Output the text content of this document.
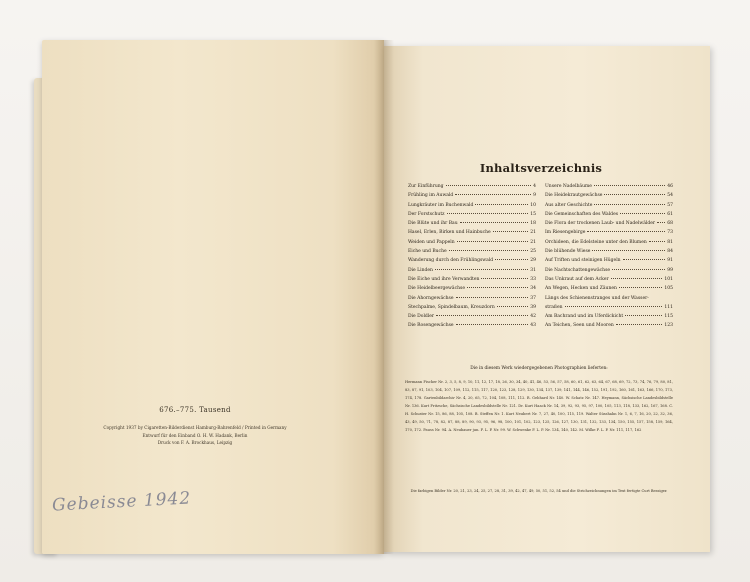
676.–775. Tausend
Copyright 1937 by Cigaretten-Bilderdienst Hamburg-Bahrenfeld / Printed in Germany
Entwurf für den Einband O. H. W. Hadank, Berlin
Druck von F. A. Brockhaus, Leipzig
Gebeisse 1942
Inhaltsverzeichnis
Zur Einführung	4
Frühling im Auwald	9
Lungkräuter im Buchenwald	10
Der Forstschutz	15
Die Blüte und ihr Bau	18
Hasel, Erlen, Birken und Hainbuche	21
Weiden und Pappeln	21
Eiche und Buche	25
Wanderung durch den Frühlingswald	29
Die Linden	31
Die Eiche und ihre Verwandten	33
Die Heidelbeergewächse	34
Die Ahorngewächse	37
Stechpalme, Spindelbaum, Kreuzdorn	39
Die Doldler	42
Die Rosengewächse	43
Unsere Nadelbäume	46
Die Heidekrautgewächse	54
Aus alter Geschichte	57
Die Gemeinschaften des Waldes	61
Die Flora der trockenen Laub- und Nadelwälder	68
Im Riesengebirge	73
Orchideen, die Edelsteine unter den Blumen	81
Die blühende Wiese	84
Auf Triften und steinigen Hügeln	91
Die Nachtschattengewächse	99
Das Unkraut auf dem Acker	101
An Wegen, Hecken und Zäunen	105
Längs des Schienenstranges und der Wasser-
straßen	111
Am Bachrand und im Uferdickicht	115
An Teichen, Seen und Mooren	123
Die in diesem Werk wiedergegebenen Photographien lieferten:
Hermann Fischer Nr. 2, 3, 5, 8, 9, 10, 11, 12, 17, 18, 26, 30, 34, 40, 41, 46, 53, 56, 57, 58, 60, 61, 62, 63, 64, 67, 68, 69, 72, 73, 74, 76, 79, 80, 81, 83, 87, 91, 103, 104, 107, 109, 112, 115, 117, 120, 123, 128, 129, 130, 134, 137, 139, 141, 144, 146, 152, 191, 192, 160, 161, 163, 166, 170, 173, 174, 178. Gartenbildarchiv Nr. 4, 20, 65, 72, 104, 108, 111, 112. R. Gebhard Nr. 140. W. Schatz Nr. 147. Heymann, Sächsische Landesbildstelle Nr. 136. Kurt Fritzsche, Sächsische Landesbildstelle Nr. 121. Dr. Kurt Haack Nr. 14, 39, 92, 93, 95, 97, 100, 105, 113, 118, 133, 162, 167, 168. C. H. Schuster Nr. 15, 86, 88, 105, 108. B. Steffen Nr. 1. Kurt Neubert Nr. 7, 27, 40, 100, 115, 119. Walter Süsshahn Nr. 1, 6, 7, 16, 20, 22, 32, 36, 43, 49, 50, 71, 78, 82, 87, 88, 89, 90, 93, 95, 96, 98, 100, 101, 102, 123, 125, 126, 127, 130, 131, 132, 133, 134, 150, 155, 157, 158, 159, 164, 170, 172. Pauss Nr. 94. A. Neubauer jun. F. L. P. Nr. 99. W. Schwenke F. L. P. Nr. 134, 140, 142. M. Wilke F. L. P. Nr. 111, 117, 162
Die farbigen Bilder Nr. 20, 21, 23, 24, 25, 27, 28, 31, 39, 42, 47, 49, 50, 51, 52, 54 und die Strichzeichnungen im Text fertigte Curt Bessiger.
